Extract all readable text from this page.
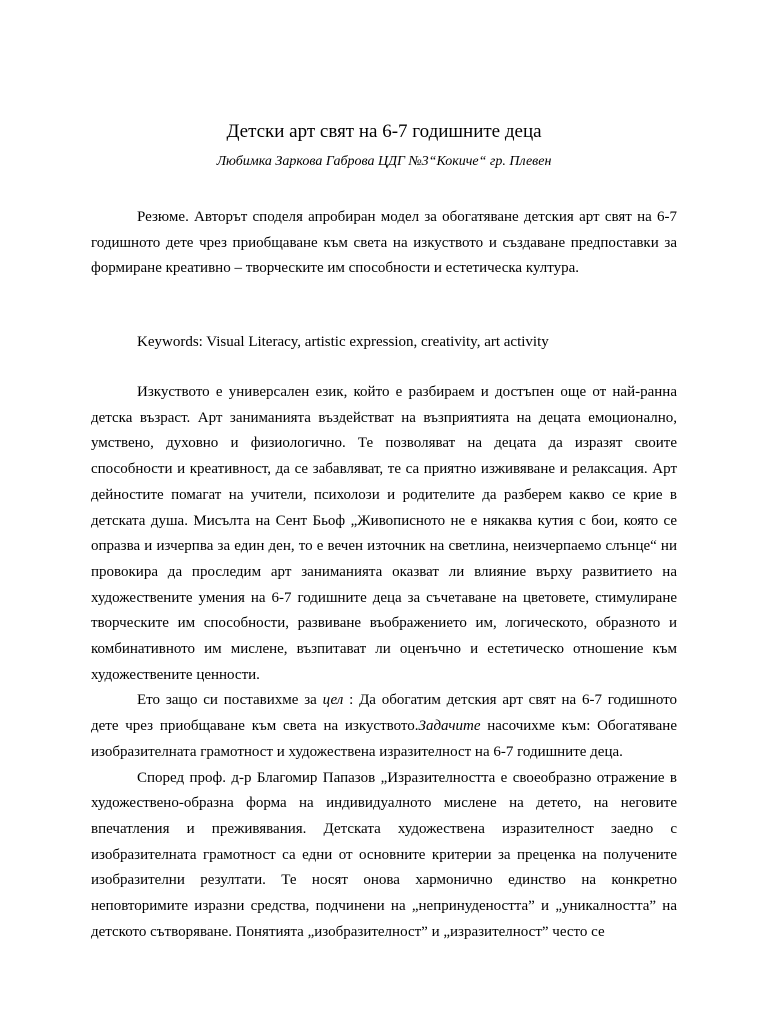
Детски арт свят на 6-7 годишните деца
Любимка Заркова Габрова ЦДГ №3“Кокиче“ гр. Плевен

Резюме. Авторът споделя апробиран модел за обогатяване детския арт свят на 6-7 годишното дете чрез приобщаване към света на изкуството и създаване предпоставки за формиране креативно – творческите им способности и естетическа култура.

Keywords: Visual Literacy, artistic expression, creativity, art activity

Изкуството е универсален език, който е разбираем и достъпен още от най-ранна детска възраст. Арт заниманията въздействат на възприятията на децата емоционално, умствено, духовно и физиологично. Те позволяват на децата да изразят своите способности и креативност, да се забавляват, те са приятно изживяване и релаксация. Арт дейностите помагат на учители, психолози и родителите да разберем какво се крие в детската душа. Мисълта на Сент Бьоф „Живописното не е някаква кутия с бои, която се опразва и изчерпва за един ден, то е вечен източник на светлина, неизчерпаемо слънце“ ни провокира да проследим арт заниманията оказват ли влияние върху развитието на художествените умения на 6-7 годишните деца за съчетаване на цветовете, стимулиране творческите им способности, развиване въображението им, логическото, образното и комбинативното им мислене, възпитават ли оценъчно и естетическо отношение към художествените ценности.

Ето защо си поставихме за цел : Да обогатим детския арт свят на 6-7 годишното дете чрез приобщаване към света на изкуството.Задачите насочихме към: Обогатяване изобразителната грамотност и художествена изразителност на 6-7 годишните деца.

Според проф. д-р Благомир Папазов „Изразителността е своеобразно отражение в художествено-образна форма на индивидуалното мислене на детето, на неговите впечатления и преживявания. Детската художествена изразителност заедно с изобразителната грамотност са едни от основните критерии за преценка на получените изобразителни резултати. Те носят онова хармонично единство на конкретно неповторимите изразни средства, подчинени на „непринудеността” и „уникалността” на детското сътворяване. Понятията „изобразителност” и „изразителност” често се
